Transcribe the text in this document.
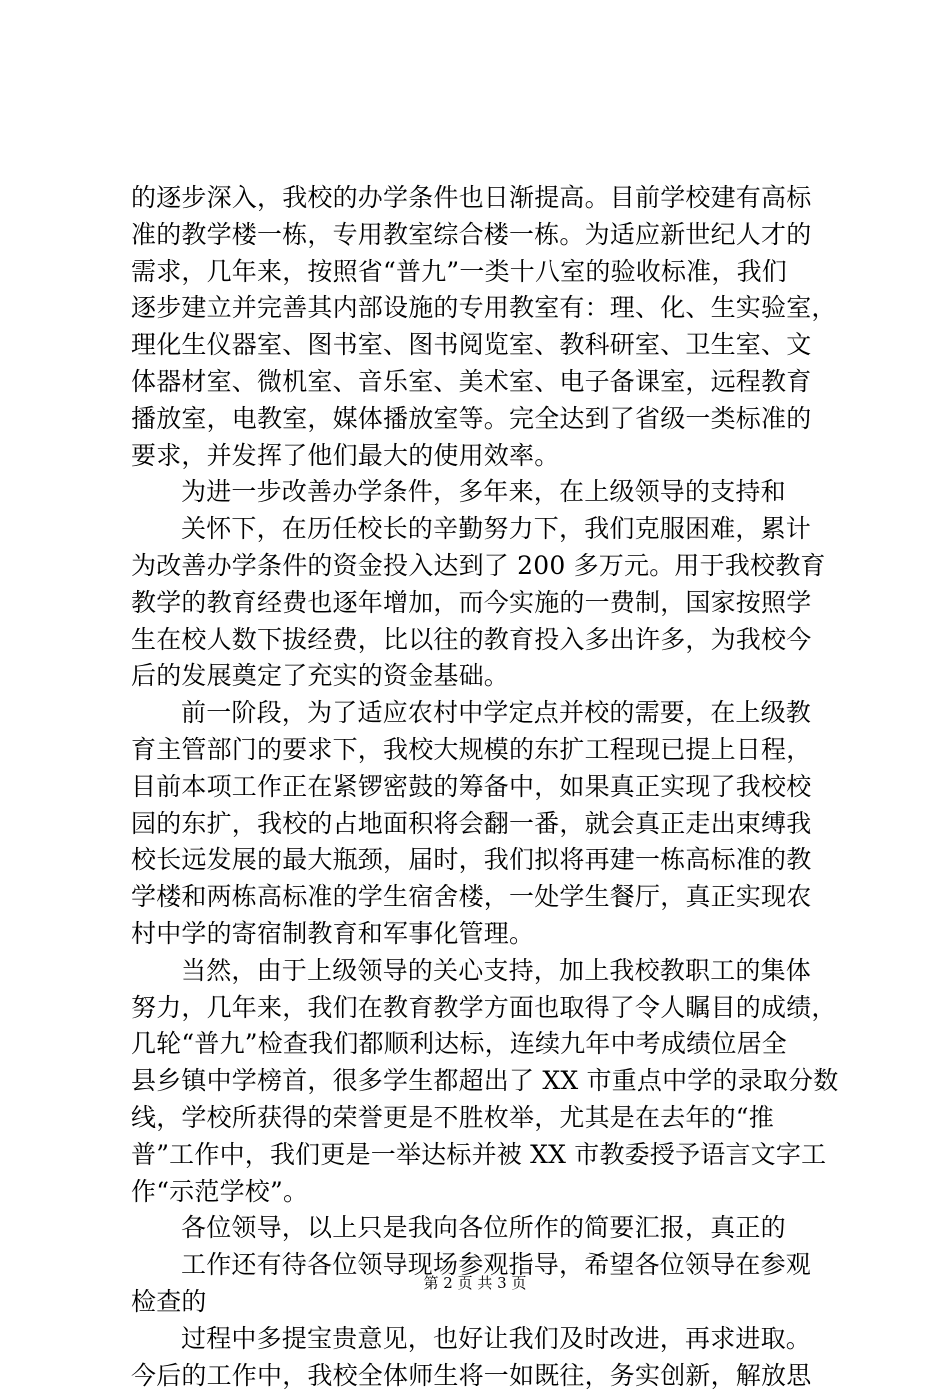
的逐步深入，我校的办学条件也日渐提高。目前学校建有高标
准的教学楼一栋，专用教室综合楼一栋。为适应新世纪人才的
需求，几年来，按照省“普九”一类十八室的验收标准，我们
逐步建立并完善其内部设施的专用教室有：理、化、生实验室，
理化生仪器室、图书室、图书阅览室、教科研室、卫生室、文
体器材室、微机室、音乐室、美术室、电子备课室，远程教育
播放室，电教室，媒体播放室等。完全达到了省级一类标准的
要求，并发挥了他们最大的使用效率。
为进一步改善办学条件，多年来，在上级领导的支持和
关怀下，在历任校长的辛勤努力下，我们克服困难，累计
为改善办学条件的资金投入达到了 200 多万元。用于我校教育
教学的教育经费也逐年增加，而今实施的一费制，国家按照学
生在校人数下拔经费，比以往的教育投入多出许多，为我校今
后的发展奠定了充实的资金基础。
前一阶段，为了适应农村中学定点并校的需要，在上级教
育主管部门的要求下，我校大规模的东扩工程现已提上日程，
目前本项工作正在紧锣密鼓的筹备中，如果真正实现了我校校
园的东扩，我校的占地面积将会翻一番，就会真正走出束缚我
校长远发展的最大瓶颈，届时，我们拟将再建一栋高标准的教
学楼和两栋高标准的学生宿舍楼，一处学生餐厅，真正实现农
村中学的寄宿制教育和军事化管理。
当然，由于上级领导的关心支持，加上我校教职工的集体
努力，几年来，我们在教育教学方面也取得了令人瞩目的成绩，
几轮“普九”检查我们都顺利达标，连续九年中考成绩位居全
县乡镇中学榜首，很多学生都超出了 XX 市重点中学的录取分数
线，学校所获得的荣誉更是不胜枚举，尤其是在去年的“推
普”工作中，我们更是一举达标并被 XX 市教委授予语言文字工
作“示范学校”。
各位领导，以上只是我向各位所作的简要汇报，真正的
工作还有待各位领导现场参观指导，希望各位领导在参观
检查的
过程中多提宝贵意见，也好让我们及时改进，再求进取。
今后的工作中，我校全体师生将一如既往，务实创新，解放思
第 2 页 共 3 页
